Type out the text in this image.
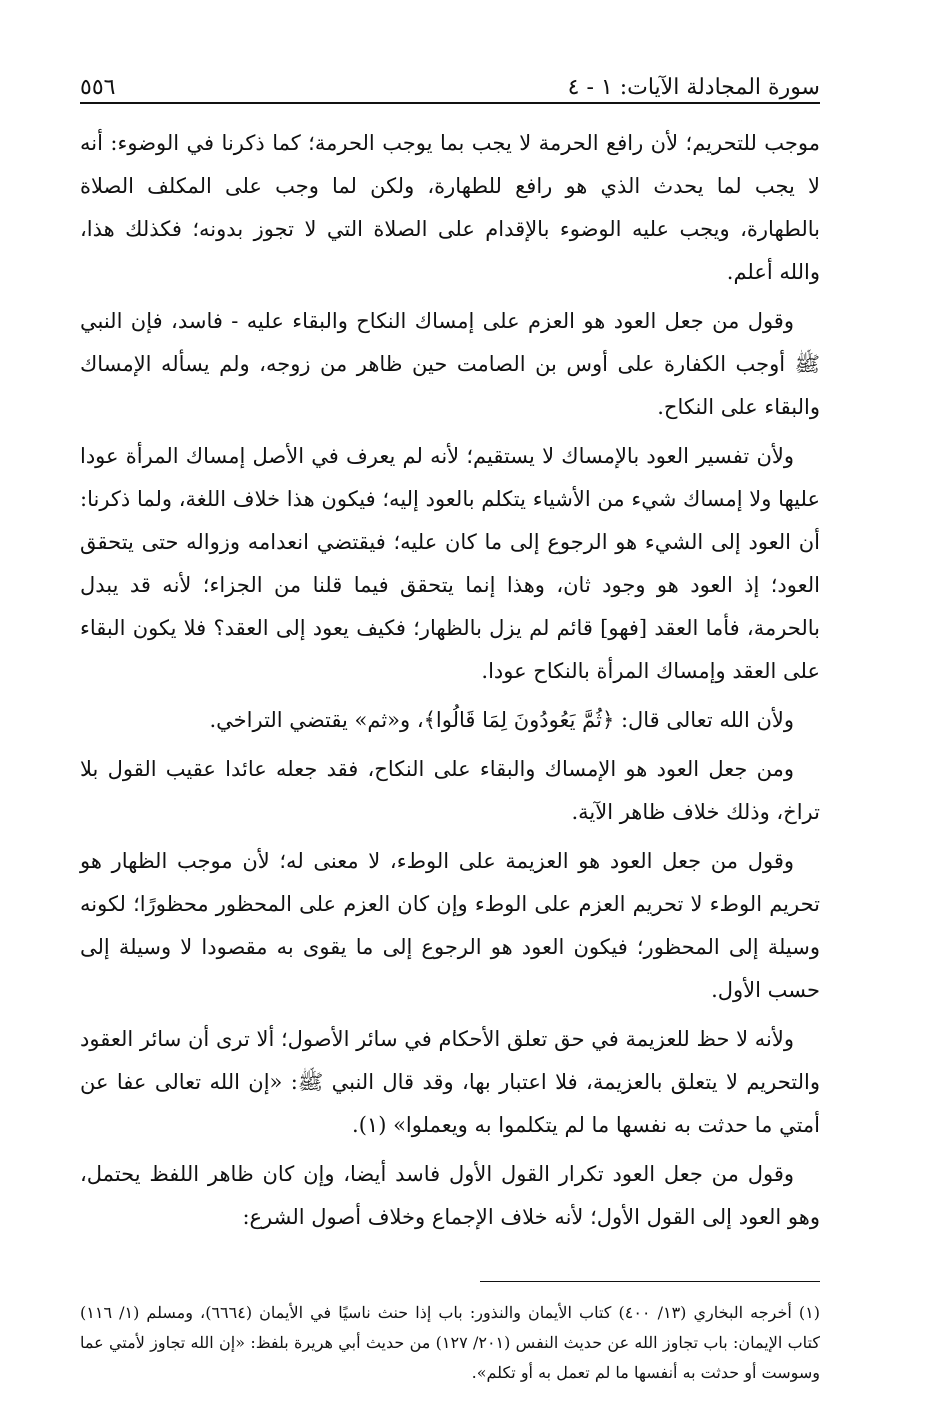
سورة المجادلة الآيات: ١ - ٤
٥٥٦

موجب للتحريم؛ لأن رافع الحرمة لا يجب بما يوجب الحرمة؛ كما ذكرنا في الوضوء: أنه لا يجب لما يحدث الذي هو رافع للطهارة، ولكن لما وجب على المكلف الصلاة بالطهارة، ويجب عليه الوضوء بالإقدام على الصلاة التي لا تجوز بدونه؛ فكذلك هذا، والله أعلم.

وقول من جعل العود هو العزم على إمساك النكاح والبقاء عليه - فاسد، فإن النبي ﷺ أوجب الكفارة على أوس بن الصامت حين ظاهر من زوجه، ولم يسأله الإمساك والبقاء على النكاح.

ولأن تفسير العود بالإمساك لا يستقيم؛ لأنه لم يعرف في الأصل إمساك المرأة عودا عليها ولا إمساك شيء من الأشياء يتكلم بالعود إليه؛ فيكون هذا خلاف اللغة، ولما ذكرنا: أن العود إلى الشيء هو الرجوع إلى ما كان عليه؛ فيقتضي انعدامه وزواله حتى يتحقق العود؛ إذ العود هو وجود ثان، وهذا إنما يتحقق فيما قلنا من الجزاء؛ لأنه قد يبدل بالحرمة، فأما العقد [فهو] قائم لم يزل بالظهار؛ فكيف يعود إلى العقد؟ فلا يكون البقاء على العقد وإمساك المرأة بالنكاح عودا.

ولأن الله تعالى قال: ﴿ثُمَّ يَعُودُونَ لِمَا قَالُوا﴾، و«ثم» يقتضي التراخي.

ومن جعل العود هو الإمساك والبقاء على النكاح، فقد جعله عائدا عقيب القول بلا تراخ، وذلك خلاف ظاهر الآية.

وقول من جعل العود هو العزيمة على الوطء، لا معنى له؛ لأن موجب الظهار هو تحريم الوطء لا تحريم العزم على الوطء وإن كان العزم على المحظور محظورًا؛ لكونه وسيلة إلى المحظور؛ فيكون العود هو الرجوع إلى ما يقوى به مقصودا لا وسيلة إلى حسب الأول.

ولأنه لا حظ للعزيمة في حق تعلق الأحكام في سائر الأصول؛ ألا ترى أن سائر العقود والتحريم لا يتعلق بالعزيمة، فلا اعتبار بها، وقد قال النبي ﷺ: «إن الله تعالى عفا عن أمتي ما حدثت به نفسها ما لم يتكلموا به ويعملوا» (١).

وقول من جعل العود تكرار القول الأول فاسد أيضا، وإن كان ظاهر اللفظ يحتمل، وهو العود إلى القول الأول؛ لأنه خلاف الإجماع وخلاف أصول الشرع:

(١) أخرجه البخاري (١٣/ ٤٠٠) كتاب الأيمان والنذور: باب إذا حنث ناسيًا في الأيمان (٦٦٦٤)، ومسلم (١/ ١١٦) كتاب الإيمان: باب تجاوز الله عن حديث النفس (٢٠١/ ١٢٧) من حديث أبي هريرة بلفظ: «إن الله تجاوز لأمتي عما وسوست أو حدثت به أنفسها ما لم تعمل به أو تكلم».
